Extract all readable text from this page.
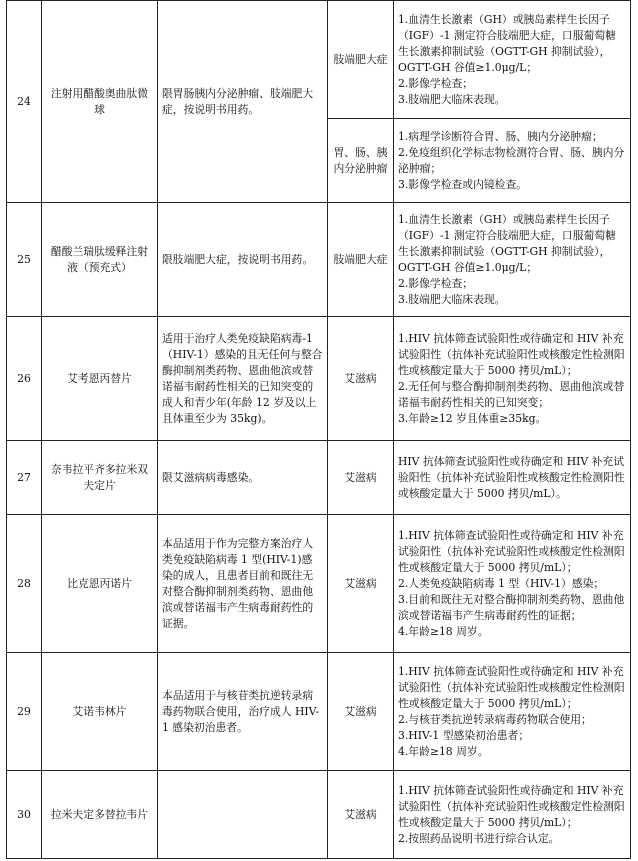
24	注射用醋酸奥曲肽微球	限胃肠胰内分泌肿瘤、肢端肥大症，按说明书用药。	肢端肥大症	1.血清生长激素（GH）或胰岛素样生长因子（IGF）-1 测定符合肢端肥大症，口服葡萄糖生长激素抑制试验（OGTT-GH 抑制试验），OGTT-GH 谷值≥1.0μg/L；
2.影像学检查；
3.肢端肥大临床表现。

			胃、肠、胰内分泌肿瘤	1.病理学诊断符合胃、肠、胰内分泌肿瘤；
2.免疫组织化学标志物检测符合胃、肠、胰内分泌肿瘤；
3.影像学检查或内镜检查。

25	醋酸兰瑞肽缓释注射液（预充式）	限肢端肥大症，按说明书用药。	肢端肥大症	1.血清生长激素（GH）或胰岛素样生长因子（IGF）-1 测定符合肢端肥大症，口服葡萄糖生长激素抑制试验（OGTT-GH 抑制试验），OGTT-GH 谷值≥1.0μg/L；
2.影像学检查；
3.肢端肥大临床表现。

26	艾考恩丙替片	适用于治疗人类免疫缺陷病毒-1（HIV-1）感染的且无任何与整合酶抑制剂类药物、恩曲他滨或替诺福韦耐药性相关的已知突变的成人和青少年(年龄 12 岁及以上且体重至少为 35kg)。	艾滋病	1.HIV 抗体筛查试验阳性或待确定和 HIV 补充试验阳性（抗体补充试验阳性或核酸定性检测阳性或核酸定量大于 5000 拷贝/mL）；
2.无任何与整合酶抑制剂类药物、恩曲他滨或替诺福韦耐药性相关的已知突变；
3.年龄≥12 岁且体重≥35kg。

27	奈韦拉平齐多拉米双夫定片	限艾滋病病毒感染。	艾滋病	HIV 抗体筛查试验阳性或待确定和 HIV 补充试验阳性（抗体补充试验阳性或核酸定性检测阳性或核酸定量大于 5000 拷贝/mL）。

28	比克恩丙诺片	本品适用于作为完整方案治疗人类免疫缺陷病毒 1 型(HIV-1)感染的成人，且患者目前和既往无对整合酶抑制剂类药物、恩曲他滨或替诺福韦产生病毒耐药性的证据。	艾滋病	1.HIV 抗体筛查试验阳性或待确定和 HIV 补充试验阳性（抗体补充试验阳性或核酸定性检测阳性或核酸定量大于 5000 拷贝/mL）；
2.人类免疫缺陷病毒 1 型（HIV-1）感染；
3.目前和既往无对整合酶抑制剂类药物、恩曲他滨或替诺福韦产生病毒耐药性的证据；
4.年龄≥18 周岁。

29	艾诺韦林片	本品适用于与核苷类抗逆转录病毒药物联合使用，治疗成人 HIV-1 感染初治患者。	艾滋病	1.HIV 抗体筛查试验阳性或待确定和 HIV 补充试验阳性（抗体补充试验阳性或核酸定性检测阳性或核酸定量大于 5000 拷贝/mL）；
2.与核苷类抗逆转录病毒药物联合使用；
3.HIV-1 型感染初治患者；
4.年龄≥18 周岁。

30	拉米夫定多替拉韦片		艾滋病	1.HIV 抗体筛查试验阳性或待确定和 HIV 补充试验阳性（抗体补充试验阳性或核酸定性检测阳性或核酸定量大于 5000 拷贝/mL）；
2.按照药品说明书进行综合认定。
